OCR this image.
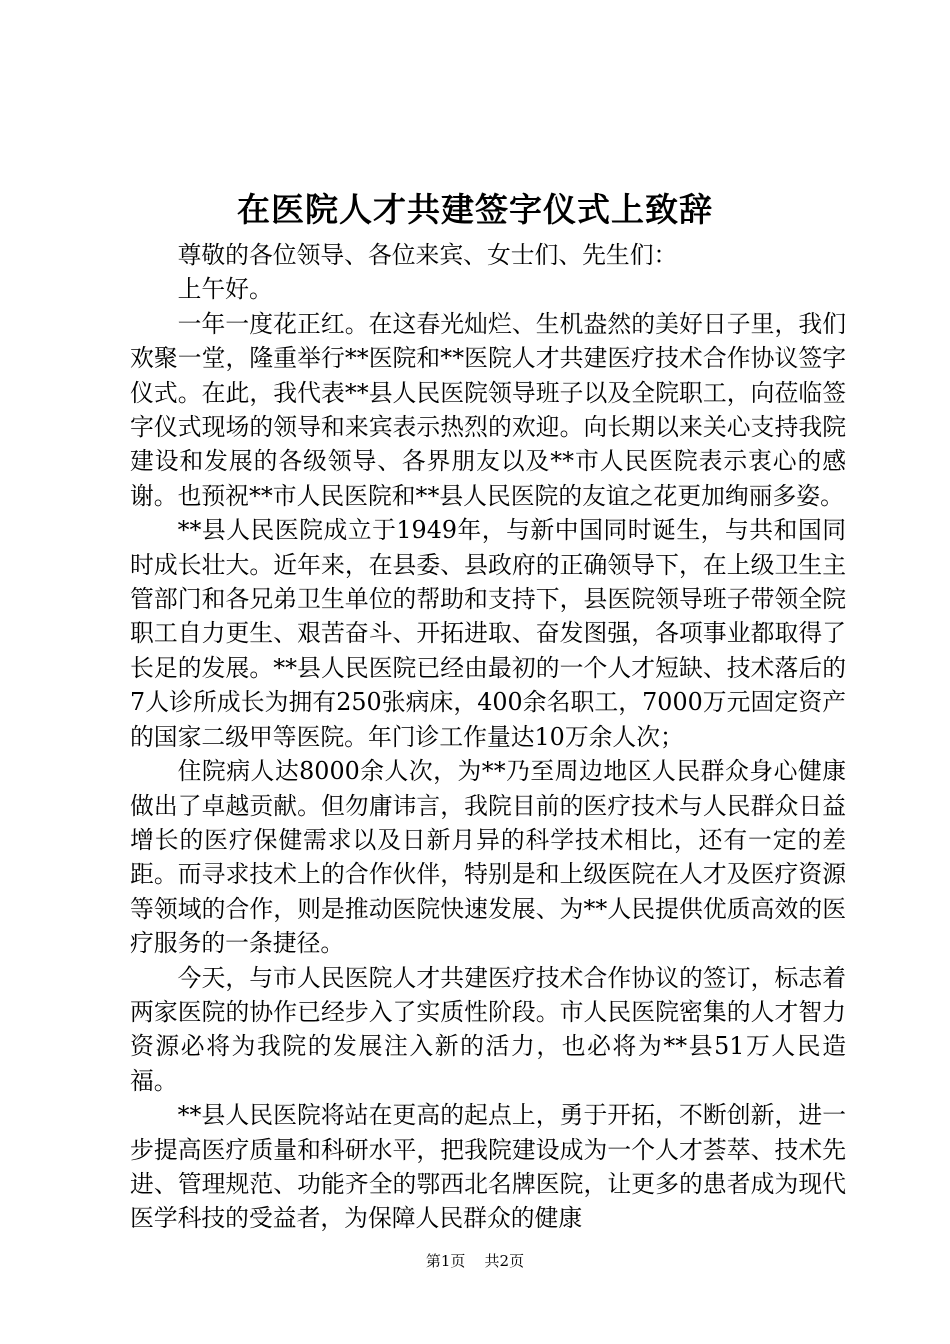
在医院人才共建签字仪式上致辞

尊敬的各位领导、各位来宾、女士们、先生们：

上午好。

一年一度花正红。在这春光灿烂、生机盎然的美好日子里，我们欢聚一堂，隆重举行**医院和**医院人才共建医疗技术合作协议签字仪式。在此，我代表**县人民医院领导班子以及全院职工，向莅临签字仪式现场的领导和来宾表示热烈的欢迎。向长期以来关心支持我院建设和发展的各级领导、各界朋友以及**市人民医院表示衷心的感谢。也预祝**市人民医院和**县人民医院的友谊之花更加绚丽多姿。

**县人民医院成立于1949年，与新中国同时诞生，与共和国同时成长壮大。近年来，在县委、县政府的正确领导下，在上级卫生主管部门和各兄弟卫生单位的帮助和支持下，县医院领导班子带领全院职工自力更生、艰苦奋斗、开拓进取、奋发图强，各项事业都取得了长足的发展。**县人民医院已经由最初的一个人才短缺、技术落后的7人诊所成长为拥有250张病床，400余名职工，7000万元固定资产的国家二级甲等医院。年门诊工作量达10万余人次；

住院病人达8000余人次，为**乃至周边地区人民群众身心健康做出了卓越贡献。但勿庸讳言，我院目前的医疗技术与人民群众日益增长的医疗保健需求以及日新月异的科学技术相比，还有一定的差距。而寻求技术上的合作伙伴，特别是和上级医院在人才及医疗资源等领域的合作，则是推动医院快速发展、为**人民提供优质高效的医疗服务的一条捷径。

今天，与市人民医院人才共建医疗技术合作协议的签订，标志着两家医院的协作已经步入了实质性阶段。市人民医院密集的人才智力资源必将为我院的发展注入新的活力，也必将为**县51万人民造福。

**县人民医院将站在更高的起点上，勇于开拓，不断创新，进一步提高医疗质量和科研水平，把我院建设成为一个人才荟萃、技术先进、管理规范、功能齐全的鄂西北名牌医院，让更多的患者成为现代医学科技的受益者，为保障人民群众的健康

第1页 共2页
